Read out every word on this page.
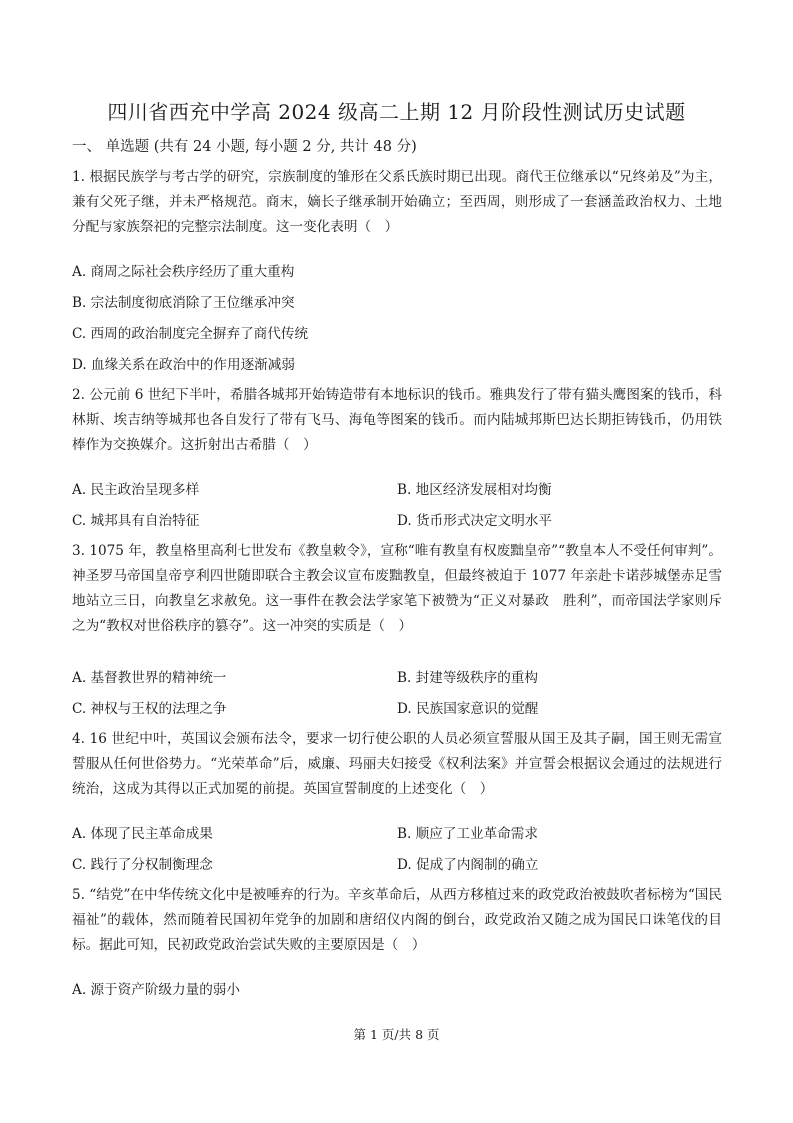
四川省西充中学高 2024 级高二上期 12 月阶段性测试历史试题
一、 单选题 (共有 24 小题, 每小题 2 分, 共计 48 分)
1. 根据民族学与考古学的研究，宗族制度的雏形在父系氏族时期已出现。商代王位继承以“兄终弟及”为主，兼有父死子继，并未严格规范。商末，嫡长子继承制开始确立；至西周，则形成了一套涵盖政治权力、土地分配与家族祭祀的完整宗法制度。这一变化表明（　）
A. 商周之际社会秩序经历了重大重构
B. 宗法制度彻底消除了王位继承冲突
C. 西周的政治制度完全摒弃了商代传统
D. 血缘关系在政治中的作用逐渐减弱
2. 公元前 6 世纪下半叶，希腊各城邦开始铸造带有本地标识的钱币。雅典发行了带有猫头鹰图案的钱币，科林斯、埃吉纳等城邦也各自发行了带有飞马、海龟等图案的钱币。而内陆城邦斯巴达长期拒铸钱币，仍用铁棒作为交换媒介。这折射出古希腊（　）
A. 民主政治呈现多样	B. 地区经济发展相对均衡
C. 城邦具有自治特征	D. 货币形式决定文明水平
3. 1075 年，教皇格里高利七世发布《教皇敕令》，宣称“唯有教皇有权废黜皇帝”“教皇本人不受任何审判”。神圣罗马帝国皇帝亨利四世随即联合主教会议宣布废黜教皇，但最终被迫于 1077 年亲赴卡诺莎城堡赤足雪地站立三日，向教皇乞求赦免。这一事件在教会法学家笔下被赞为“正义对暴政　胜利”，而帝国法学家则斥之为“教权对世俗秩序的篡夺”。这一冲突的实质是（　）
A. 基督教世界的精神统一	B. 封建等级秩序的重构
C. 神权与王权的法理之争	D. 民族国家意识的觉醒
4. 16 世纪中叶，英国议会颁布法令，要求一切行使公职的人员必须宣誓服从国王及其子嗣，国王则无需宣誓服从任何世俗势力。“光荣革命”后，威廉、玛丽夫妇接受《权利法案》并宣誓会根据议会通过的法规进行统治，这成为其得以正式加冕的前提。英国宣誓制度的上述变化（　）
A. 体现了民主革命成果	B. 顺应了工业革命需求
C. 践行了分权制衡理念	D. 促成了内阁制的确立
5. “结党”在中华传统文化中是被唾弃的行为。辛亥革命后，从西方移植过来的政党政治被鼓吹者标榜为“国民福祉”的载体，然而随着民国初年党争的加剧和唐绍仪内阁的倒台，政党政治又随之成为国民口诛笔伐的目标。据此可知，民初政党政治尝试失败的主要原因是（　）
A. 源于资产阶级力量的弱小
第 1 页/共 8 页
